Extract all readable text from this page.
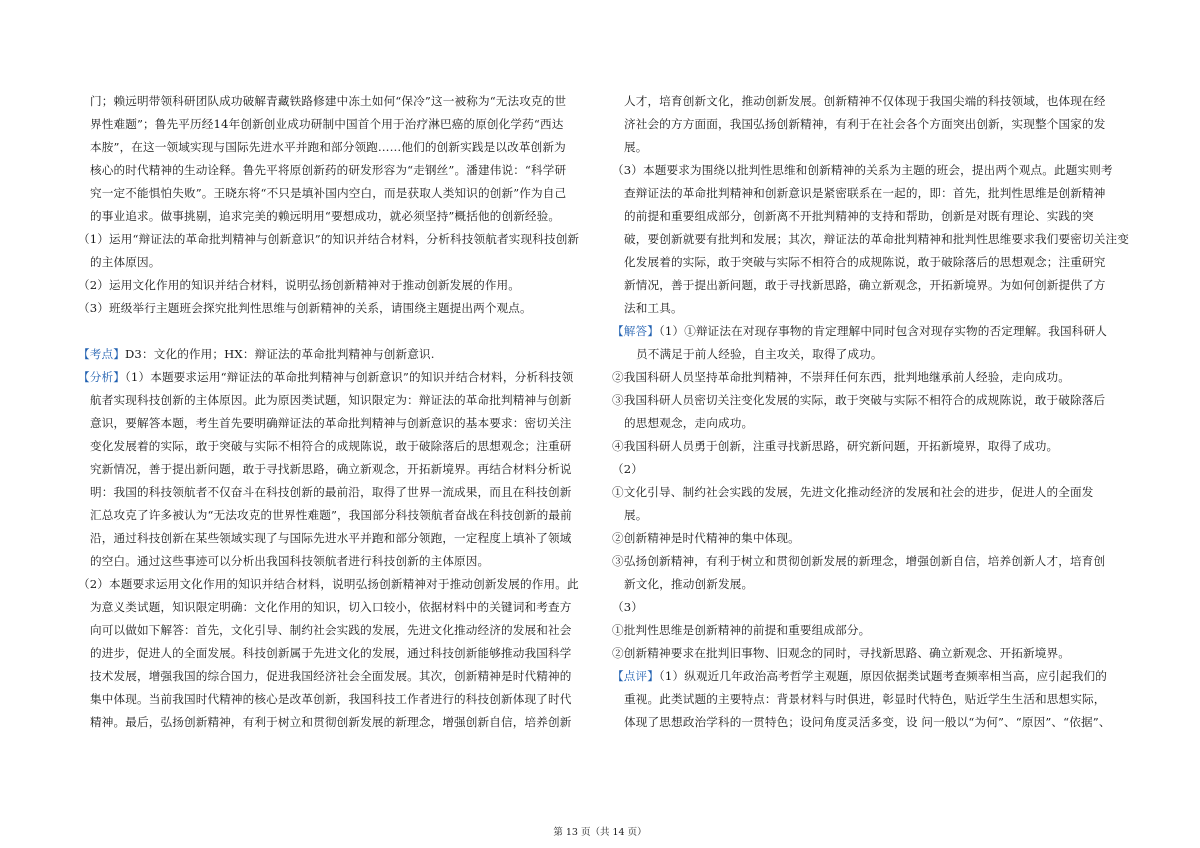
门；赖远明带领科研团队成功破解青藏铁路修建中冻土如何“保冷”这一被称为“无法攻克的世
界性难题”；鲁先平历经14年创新创业成功研制中国首个用于治疗淋巴癌的原创化学药“西达
本胺”，在这一领域实现与国际先进水平并跑和部分领跑……他们的创新实践是以改革创新为
核心的时代精神的生动诠释。鲁先平将原创新药的研发形容为“走钢丝”。潘建伟说：“科学研
究一定不能惧怕失败”。王晓东将“不只是填补国内空白，而是获取人类知识的创新”作为自己
的事业追求。做事挑剔，追求完美的赖远明用“要想成功，就必须坚持”概括他的创新经验。
（1）运用“辩证法的革命批判精神与创新意识”的知识并结合材料，分析科技领航者实现科技创新
的主体原因。
（2）运用文化作用的知识并结合材料，说明弘扬创新精神对于推动创新发展的作用。
（3）班级举行主题班会探究批判性思维与创新精神的关系，请围绕主题提出两个观点。
【考点】D3：文化的作用；HX：辩证法的革命批判精神与创新意识.
【分析】（1）本题要求运用“辩证法的革命批判精神与创新意识”的知识并结合材料，分析科技领
航者实现科技创新的主体原因。此为原因类试题，知识限定为：辩证法的革命批判精神与创新
意识，要解答本题，考生首先要明确辩证法的革命批判精神与创新意识的基本要求：密切关注
变化发展着的实际，敢于突破与实际不相符合的成规陈说，敢于破除落后的思想观念；注重研
究新情况，善于提出新问题，敢于寻找新思路，确立新观念，开拓新境界。再结合材料分析说
明：我国的科技领航者不仅奋斗在科技创新的最前沿，取得了世界一流成果，而且在科技创新
汇总攻克了许多被认为“无法攻克的世界性难题”，我国部分科技领航者奋战在科技创新的最前
沿，通过科技创新在某些领域实现了与国际先进水平并跑和部分领跑，一定程度上填补了领域
的空白。通过这些事迹可以分析出我国科技领航者进行科技创新的主体原因。
（2）本题要求运用文化作用的知识并结合材料，说明弘扬创新精神对于推动创新发展的作用。此
为意义类试题，知识限定明确：文化作用的知识，切入口较小，依据材料中的关键词和考查方
向可以做如下解答：首先，文化引导、制约社会实践的发展，先进文化推动经济的发展和社会
的进步，促进人的全面发展。科技创新属于先进文化的发展，通过科技创新能够推动我国科学
技术发展，增强我国的综合国力，促进我国经济社会全面发展。其次，创新精神是时代精神的
集中体现。当前我国时代精神的核心是改革创新，我国科技工作者进行的科技创新体现了时代
精神。最后，弘扬创新精神，有利于树立和贯彻创新发展的新理念，增强创新自信，培养创新
人才，培育创新文化，推动创新发展。创新精神不仅体现于我国尖端的科技领域，也体现在经
济社会的方方面面，我国弘扬创新精神，有利于在社会各个方面突出创新，实现整个国家的发
展。
（3）本题要求为围绕以批判性思维和创新精神的关系为主题的班会，提出两个观点。此题实则考
查辩证法的革命批判精神和创新意识是紧密联系在一起的，即：首先，批判性思维是创新精神
的前提和重要组成部分，创新离不开批判精神的支持和帮助，创新是对既有理论、实践的突
破，要创新就要有批判和发展；其次，辩证法的革命批判精神和批判性思维要求我们要密切关注变
化发展着的实际，敢于突破与实际不相符合的成规陈说，敢于破除落后的思想观念；注重研究
新情况，善于提出新问题，敢于寻找新思路，确立新观念，开拓新境界。为如何创新提供了方
法和工具。
【解答】（1）①辩证法在对现存事物的肯定理解中同时包含对现存实物的否定理解。我国科研人
员不满足于前人经验，自主攻关，取得了成功。
②我国科研人员坚持革命批判精神，不崇拜任何东西，批判地继承前人经验，走向成功。
③我国科研人员密切关注变化发展的实际，敢于突破与实际不相符合的成规陈说，敢于破除落后
的思想观念，走向成功。
④我国科研人员勇于创新，注重寻找新思路，研究新问题，开拓新境界，取得了成功。
（2）
①文化引导、制约社会实践的发展，先进文化推动经济的发展和社会的进步，促进人的全面发
展。
②创新精神是时代精神的集中体现。
③弘扬创新精神，有利于树立和贯彻创新发展的新理念，增强创新自信，培养创新人才，培育创
新文化，推动创新发展。
（3）
①批判性思维是创新精神的前提和重要组成部分。
②创新精神要求在批判旧事物、旧观念的同时，寻找新思路、确立新观念、开拓新境界。
【点评】（1）纵观近几年政治高考哲学主观题，原因依据类试题考查频率相当高，应引起我们的
重视。此类试题的主要特点：背景材料与时俱进，彰显时代特色，贴近学生生活和思想实际，
体现了思想政治学科的一贯特色；设问角度灵活多变，设 问一般以“为何”、“原因”、“依据”、
第 13 页（共 14 页）
